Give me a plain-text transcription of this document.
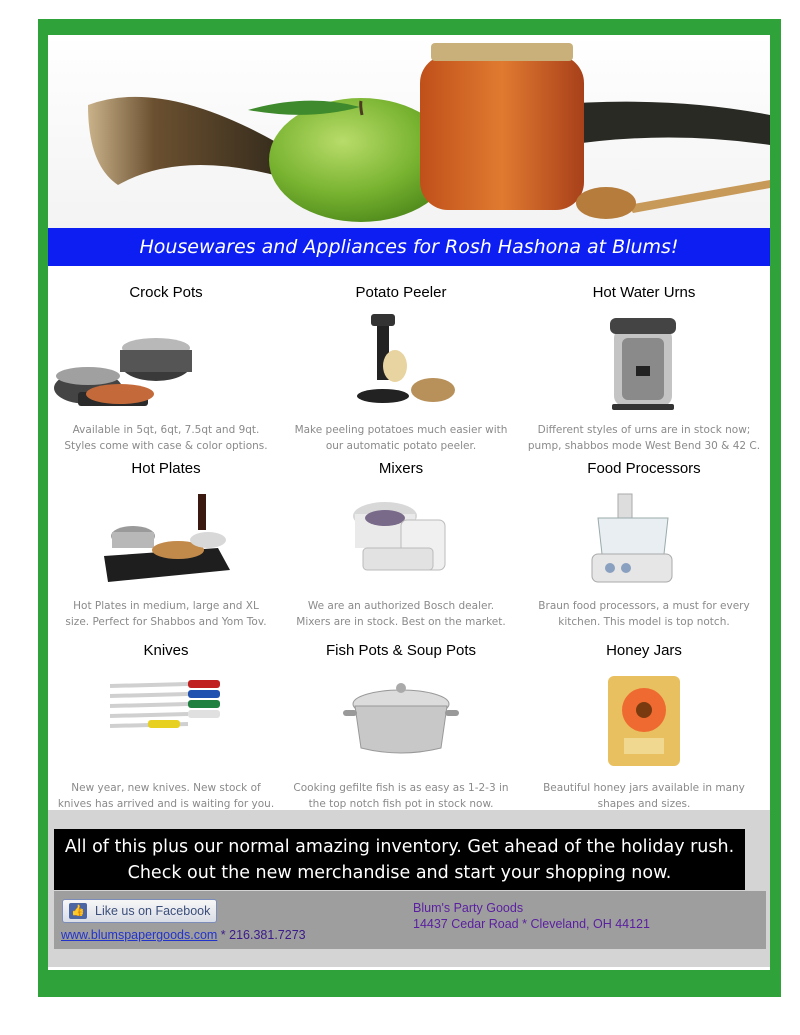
Housewares and Appliances for Rosh Hashona at Blums!
Crock Pots
Available in 5qt, 6qt, 7.5qt and 9qt.
Styles come with case & color options.
Potato Peeler
Make peeling potatoes much easier with
our automatic potato peeler.
Hot Water Urns
Different styles of urns are in stock now;
pump, shabbos mode West Bend 30 & 42 C.
Hot Plates
Hot Plates in medium, large and XL
size. Perfect for Shabbos and Yom Tov.
Mixers
We are an authorized Bosch dealer.
Mixers are in stock. Best on the market.
Food Processors
Braun food processors, a must for every
kitchen. This model is top notch.
Knives
New year, new knives. New stock of
knives has arrived and is waiting for you.
Fish Pots & Soup Pots
Cooking gefilte fish is as easy as 1-2-3 in
the top notch fish pot in stock now.
Honey Jars
Beautiful honey jars available in many
shapes and sizes.
All of this plus our normal amazing inventory. Get ahead of the holiday rush.
Check out the new merchandise and start your shopping now.
👍 Like us on Facebook
www.blumspapergoods.com * 216.381.7273
Blum's Party Goods
14437 Cedar Road * Cleveland, OH 44121
